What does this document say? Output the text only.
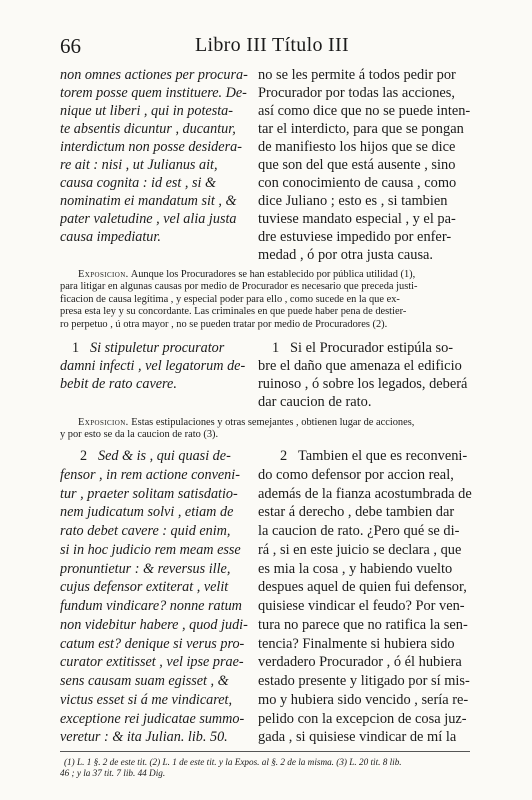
66	Libro III Título III
non omnes actiones per procura-
torem posse quem instituere. De-
nique ut liberi , qui in potesta-
te absentis dicuntur , ducantur,
interdictum non posse desidera-
re ait : nisi , ut Julianus ait,
causa cognita : id est , si &
nominatim ei mandatum sit , &
pater valetudine , vel alia justa
causa impediatur.
no se les permite á todos pedir por
Procurador por todas las acciones,
así como dice que no se puede inten-
tar el interdicto, para que se pongan
de manifiesto los hijos que se dice
que son del que está ausente , sino
con conocimiento de causa , como
dice Juliano ; esto es , si tambien
tuviese mandato especial , y el pa-
dre estuviese impedido por enfer-
medad , ó por otra justa causa.
Exposicion. Aunque los Procuradores se han establecido por pública utilidad (1),
para litigar en algunas causas por medio de Procurador es necesario que preceda justi-
ficacion de causa legítima , y especial poder para ello , como sucede en la que ex-
presa esta ley y su concordante. Las criminales en que puede haber pena de destier-
ro perpetuo , ú otra mayor , no se pueden tratar por medio de Procuradores (2).
1 Si stipuletur procurator
damni infecti , vel legatorum de-
bebit de rato cavere.
1 Si el Procurador estipúla so-
bre el daño que amenaza el edificio
ruinoso , ó sobre los legados, deberá
dar caucion de rato.
Exposicion. Estas estipulaciones y otras semejantes , obtienen lugar de acciones,
y por esto se da la caucion de rato (3).
2 Sed & is , qui quasi de-
fensor , in rem actione conveni-
tur , praeter solitam satisdatio-
nem judicatum solvi , etiam de
rato debet cavere : quid enim,
si in hoc judicio rem meam esse
pronuntietur : & reversus ille,
cujus defensor extiterat , velit
fundum vindicare? nonne ratum
non videbitur habere , quod judi-
catum est? denique si verus pro-
curator extitisset , vel ipse prae-
sens causam suam egisset , &
victus esset si á me vindicaret,
exceptione rei judicatae summo-
veretur : & ita Julian. lib. 50.
2 Tambien el que es reconveni-
do como defensor por accion real,
además de la fianza acostumbrada de
estar á derecho , debe tambien dar
la caucion de rato. ¿Pero qué se di-
rá , si en este juicio se declara , que
es mia la cosa , y habiendo vuelto
despues aquel de quien fui defensor,
quisiese vindicar el feudo? Por ven-
tura no parece que no ratifica la sen-
tencia? Finalmente si hubiera sido
verdadero Procurador , ó él hubiera
estado presente y litigado por sí mis-
mo y hubiera sido vencido , sería re-
pelido con la excepcion de cosa juz-
gada , si quisiese vindicar de mí la
(1) L. 1 §. 2 de este tit. (2) L. 1 de este tit. y la Expos. al §. 2 de la misma. (3) L. 20 tit. 8 lib.
46 ; y la 37 tit. 7 lib. 44 Dig.
